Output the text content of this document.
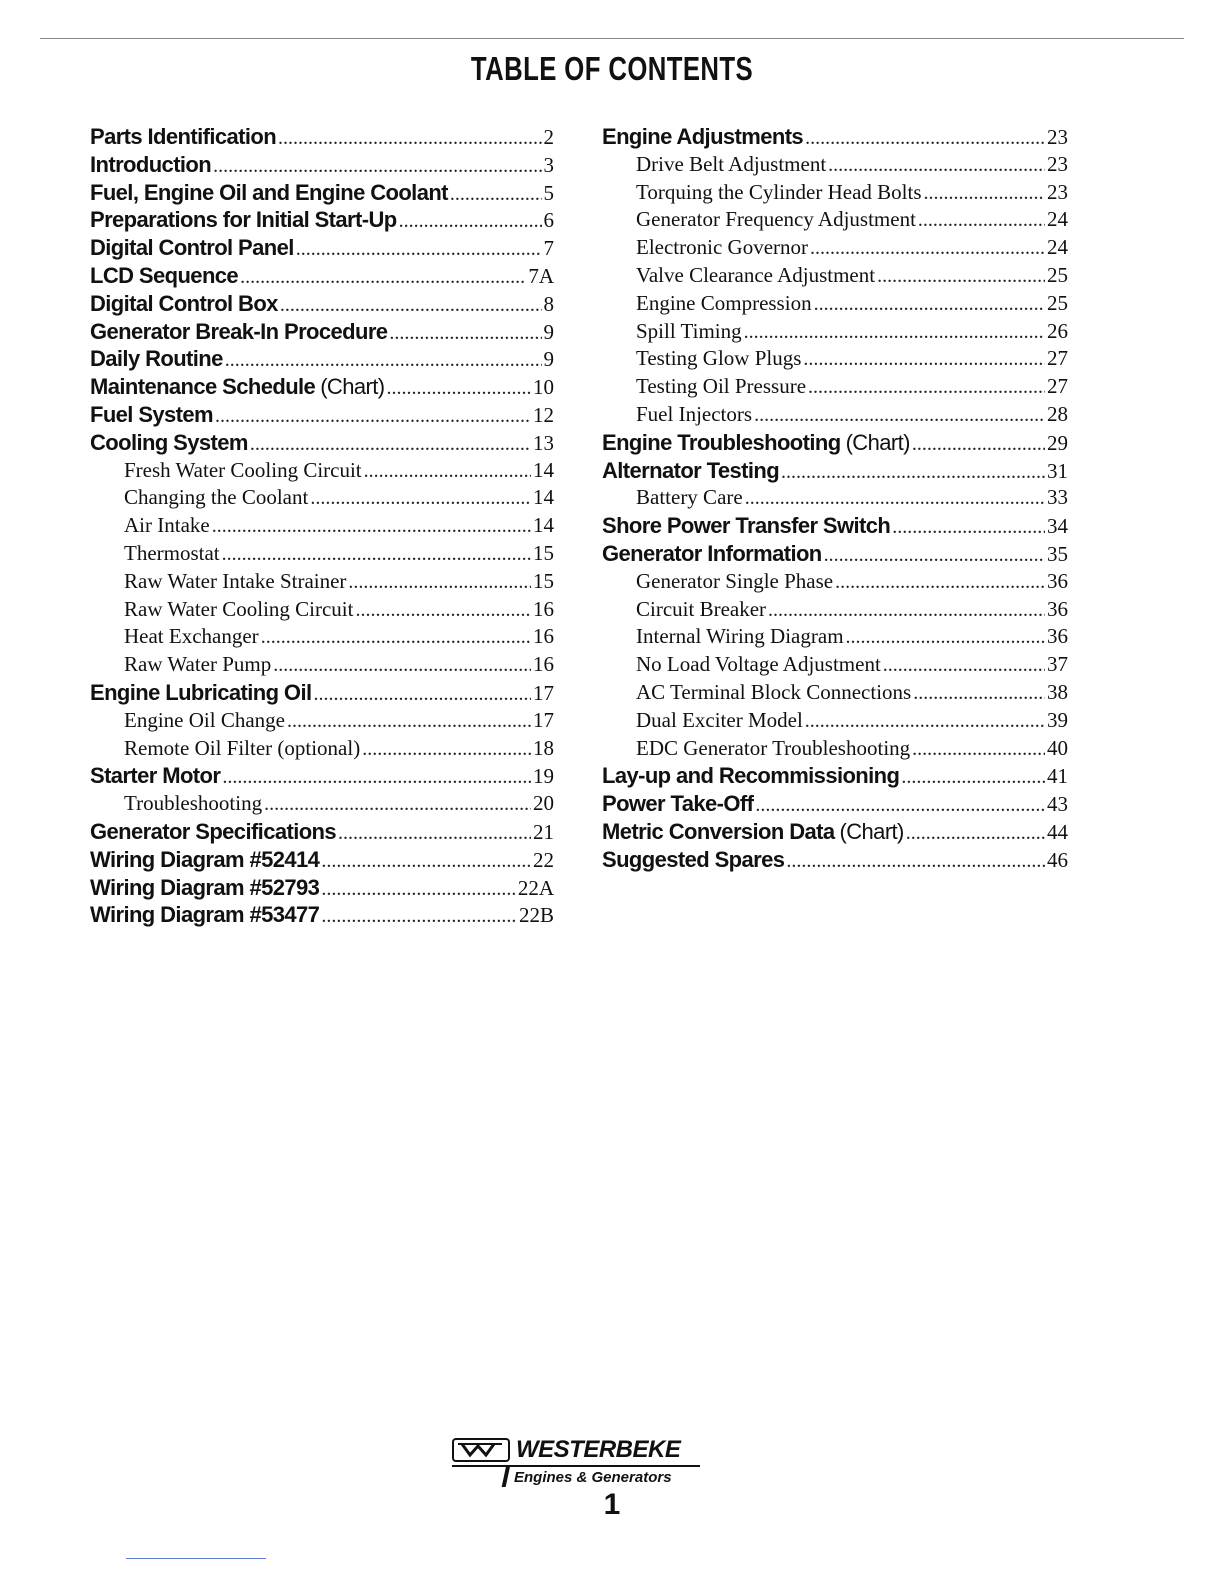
TABLE OF CONTENTS
Parts Identification .....	2
Introduction .....	3
Fuel, Engine Oil and Engine Coolant .....	5
Preparations for Initial Start-Up .....	6
Digital Control Panel .....	7
LCD Sequence .....	7A
Digital Control Box .....	8
Generator Break-In Procedure .....	9
Daily Routine .....	9
Maintenance Schedule (Chart) .....	10
Fuel System .....	12
Cooling System .....	13
Fresh Water Cooling Circuit .....	14
Changing the Coolant .....	14
Air Intake .....	14
Thermostat .....	15
Raw Water Intake Strainer .....	15
Raw Water Cooling Circuit .....	16
Heat Exchanger .....	16
Raw Water Pump .....	16
Engine Lubricating Oil .....	17
Engine Oil Change .....	17
Remote Oil Filter (optional) .....	18
Starter Motor .....	19
Troubleshooting .....	20
Generator Specifications .....	21
Wiring Diagram #52414 .....	22
Wiring Diagram #52793 .....	22A
Wiring Diagram #53477 .....	22B
Engine Adjustments .....	23
Drive Belt Adjustment .....	23
Torquing the Cylinder Head Bolts .....	23
Generator Frequency Adjustment .....	24
Electronic Governor .....	24
Valve Clearance Adjustment .....	25
Engine Compression .....	25
Spill Timing .....	26
Testing Glow Plugs .....	27
Testing Oil Pressure .....	27
Fuel Injectors .....	28
Engine Troubleshooting (Chart) .....	29
Alternator Testing .....	31
Battery Care .....	33
Shore Power Transfer Switch .....	34
Generator Information .....	35
Generator Single Phase .....	36
Circuit Breaker .....	36
Internal Wiring Diagram .....	36
No Load Voltage Adjustment .....	37
AC Terminal Block Connections .....	38
Dual Exciter Model .....	39
EDC Generator Troubleshooting .....	40
Lay-up and Recommissioning .....	41
Power Take-Off .....	43
Metric Conversion Data (Chart) .....	44
Suggested Spares .....	46
WESTERBEKE
Engines & Generators
1
